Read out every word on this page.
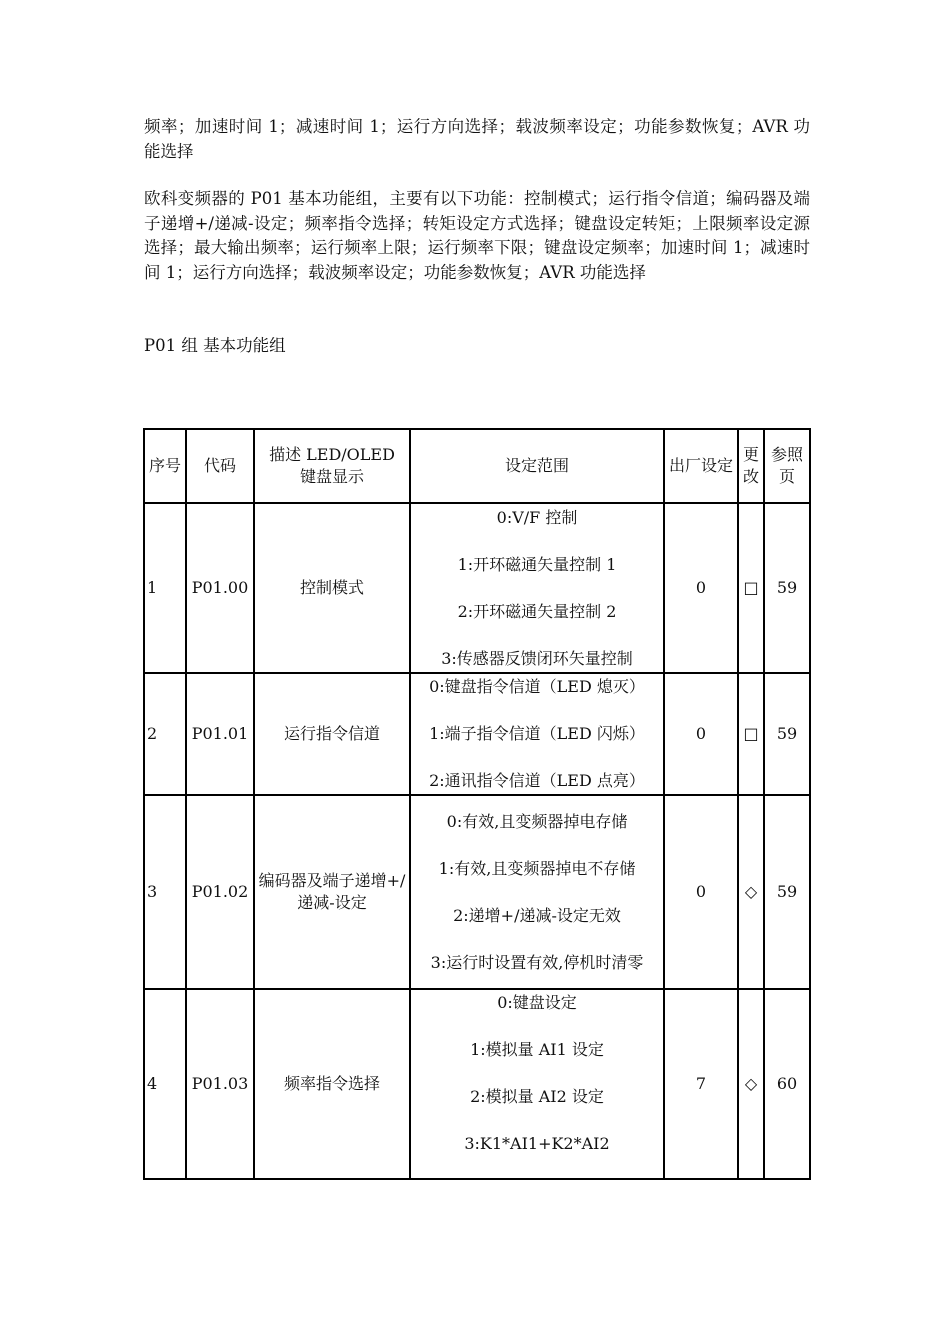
频率；加速时间 1；减速时间 1；运行方向选择；载波频率设定；功能参数恢复；AVR 功能选择

欧科变频器的 P01 基本功能组，主要有以下功能：控制模式；运行指令信道；编码器及端子递增+/递减-设定；频率指令选择；转矩设定方式选择；键盘设定转矩；上限频率设定源选择；最大输出频率；运行频率上限；运行频率下限；键盘设定频率；加速时间 1；减速时间 1；运行方向选择；载波频率设定；功能参数恢复；AVR 功能选择

P01 组 基本功能组

序号	代码	描述 LED/OLED
键盘显示	设定范围	出厂设定	更改	参照页
1	P01.00	控制模式	0:V/F 控制
1:开环磁通矢量控制 1
2:开环磁通矢量控制 2
3:传感器反馈闭环矢量控制	0	□	59
2	P01.01	运行指令信道	0:键盘指令信道（LED 熄灭）
1:端子指令信道（LED 闪烁）
2:通讯指令信道（LED 点亮）	0	□	59
3	P01.02	编码器及端子递增+/递减-设定	0:有效,且变频器掉电存储
1:有效,且变频器掉电不存储
2:递增+/递减-设定无效
3:运行时设置有效,停机时清零	0	◇	59
4	P01.03	频率指令选择	0:键盘设定
1:模拟量 AI1 设定
2:模拟量 AI2 设定
3:K1*AI1+K2*AI2	7	◇	60
